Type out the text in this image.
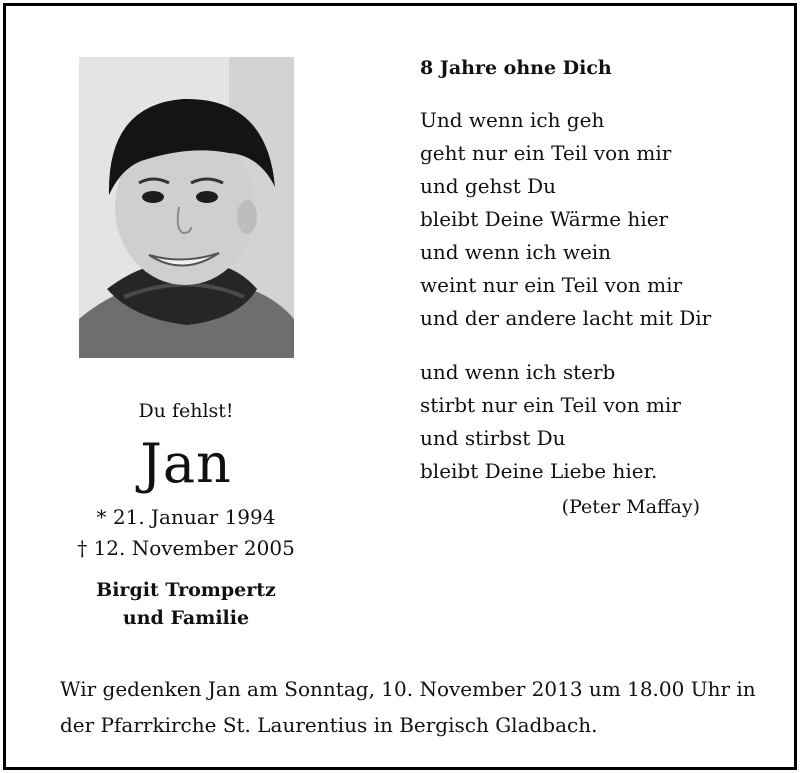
Du fehlst!
Jan
* 21. Januar 1994
† 12. November 2005
Birgit Trompertz
und Familie
8 Jahre ohne Dich
Und wenn ich geh
geht nur ein Teil von mir
und gehst Du
bleibt Deine Wärme hier
und wenn ich wein
weint nur ein Teil von mir
und der andere lacht mit Dir
und wenn ich sterb
stirbt nur ein Teil von mir
und stirbst Du
bleibt Deine Liebe hier.
(Peter Maffay)
Wir gedenken Jan am Sonntag, 10. November 2013 um 18.00 Uhr in
der Pfarrkirche St. Laurentius in Bergisch Gladbach.
